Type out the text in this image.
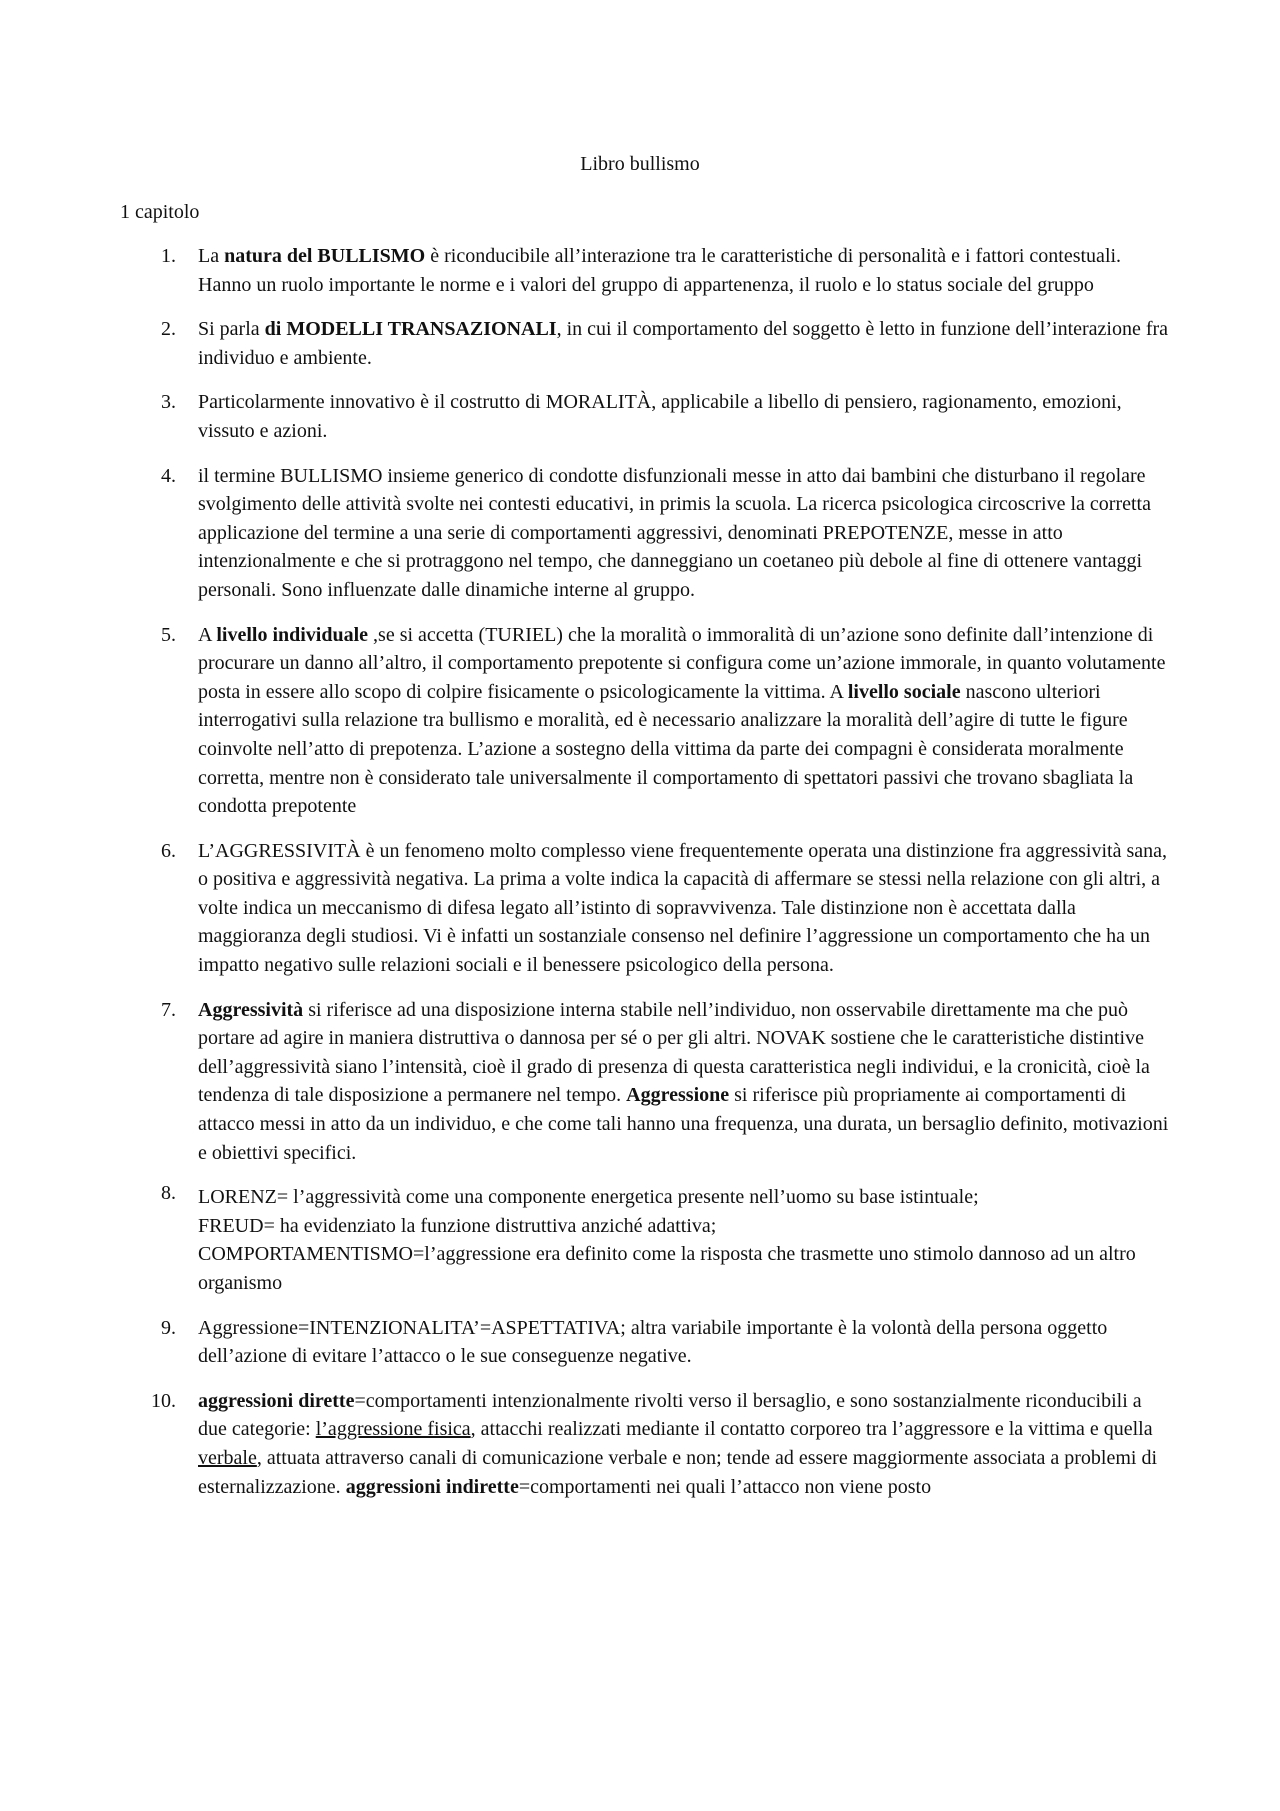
Libro bullismo
1 capitolo
1. La natura del BULLISMO è riconducibile all’interazione tra le caratteristiche di personalità e i fattori contestuali. Hanno un ruolo importante le norme e i valori del gruppo di appartenenza, il ruolo e lo status sociale del gruppo
2. Si parla di MODELLI TRANSAZIONALI, in cui il comportamento del soggetto è letto in funzione dell’interazione fra individuo e ambiente.
3. Particolarmente innovativo è il costrutto di MORALITÀ, applicabile a libello di pensiero, ragionamento, emozioni, vissuto e azioni.
4. il termine BULLISMO insieme generico di condotte disfunzionali messe in atto dai bambini che disturbano il regolare svolgimento delle attività svolte nei contesti educativi, in primis la scuola. La ricerca psicologica circoscrive la corretta applicazione del termine a una serie di comportamenti aggressivi, denominati PREPOTENZE, messe in atto intenzionalmente e che si protraggono nel tempo, che danneggiano un coetaneo più debole al fine di ottenere vantaggi personali. Sono influenzate dalle dinamiche interne al gruppo.
5. A livello individuale ,se si accetta (TURIEL) che la moralità o immoralità di un’azione sono definite dall’intenzione di procurare un danno all’altro, il comportamento prepotente si configura come un’azione immorale, in quanto volutamente posta in essere allo scopo di colpire fisicamente o psicologicamente la vittima. A livello sociale nascono ulteriori interrogativi sulla relazione tra bullismo e moralità, ed è necessario analizzare la moralità dell’agire di tutte le figure coinvolte nell’atto di prepotenza. L’azione a sostegno della vittima da parte dei compagni è considerata moralmente corretta, mentre non è considerato tale universalmente il comportamento di spettatori passivi che trovano sbagliata la condotta prepotente
6. L’AGGRESSIVITÀ è un fenomeno molto complesso viene frequentemente operata una distinzione fra aggressività sana, o positiva e aggressività negativa. La prima a volte indica la capacità di affermare se stessi nella relazione con gli altri, a volte indica un meccanismo di difesa legato all’istinto di sopravvivenza. Tale distinzione non è accettata dalla maggioranza degli studiosi. Vi è infatti un sostanziale consenso nel definire l’aggressione un comportamento che ha un impatto negativo sulle relazioni sociali e il benessere psicologico della persona.
7. Aggressività si riferisce ad una disposizione interna stabile nell’individuo, non osservabile direttamente ma che può portare ad agire in maniera distruttiva o dannosa per sé o per gli altri. NOVAK sostiene che le caratteristiche distintive dell’aggressività siano l’intensità, cioè il grado di presenza di questa caratteristica negli individui, e la cronicità, cioè la tendenza di tale disposizione a permanere nel tempo. Aggressione si riferisce più propriamente ai comportamenti di attacco messi in atto da un individuo, e che come tali hanno una frequenza, una durata, un bersaglio definito, motivazioni e obiettivi specifici.
8. LORENZ= l’aggressività come una componente energetica presente nell’uomo su base istintuale;
FREUD= ha evidenziato la funzione distruttiva anziché adattiva;
COMPORTAMENTISMO=l’aggressione era definito come la risposta che trasmette uno stimolo dannoso ad un altro organismo
9. Aggressione=INTENZIONALITA’=ASPETTATIVA; altra variabile importante è la volontà della persona oggetto dell’azione di evitare l’attacco o le sue conseguenze negative.
10. aggressioni dirette=comportamenti intenzionalmente rivolti verso il bersaglio, e sono sostanzialmente riconducibili a due categorie: l’aggressione fisica, attacchi realizzati mediante il contatto corporeo tra l’aggressore e la vittima e quella verbale, attuata attraverso canali di comunicazione verbale e non; tende ad essere maggiormente associata a problemi di esternalizzazione. aggressioni indirette=comportamenti nei quali l’attacco non viene posto
